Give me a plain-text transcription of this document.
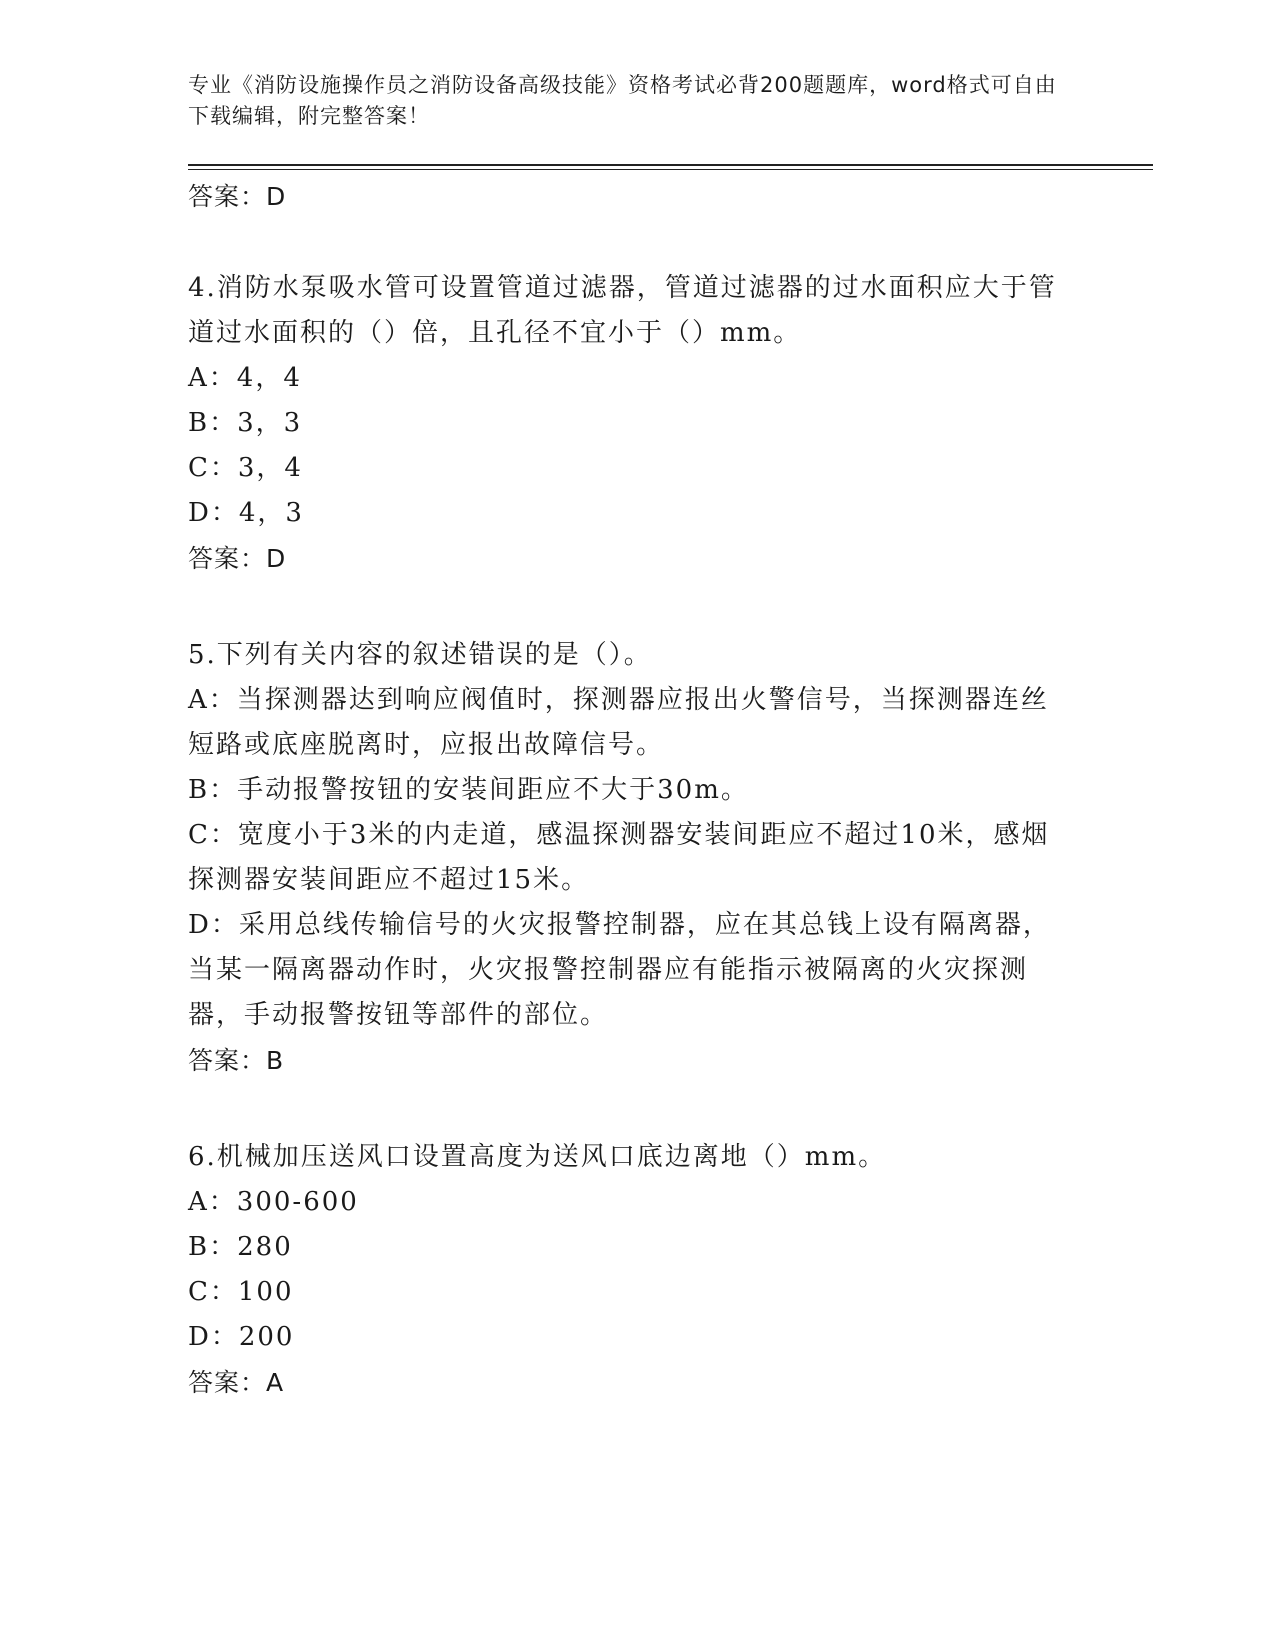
专业《消防设施操作员之消防设备高级技能》资格考试必背200题题库，word格式可自由下载编辑，附完整答案！
答案：D
4.消防水泵吸水管可设置管道过滤器，管道过滤器的过水面积应大于管道过水面积的（）倍，且孔径不宜小于（）mm。
A：4，4
B：3，3
C：3，4
D：4，3
答案：D
5.下列有关内容的叙述错误的是（）。
A：当探测器达到响应阀值时，探测器应报出火警信号，当探测器连丝短路或底座脱离时，应报出故障信号。
B：手动报警按钮的安装间距应不大于30m。
C：宽度小于3米的内走道，感温探测器安装间距应不超过10米，感烟探测器安装间距应不超过15米。
D：采用总线传输信号的火灾报警控制器，应在其总钱上设有隔离器，当某一隔离器动作时，火灾报警控制器应有能指示被隔离的火灾探测器，手动报警按钮等部件的部位。
答案：B
6.机械加压送风口设置高度为送风口底边离地（）mm。
A：300-600
B：280
C：100
D：200
答案：A
